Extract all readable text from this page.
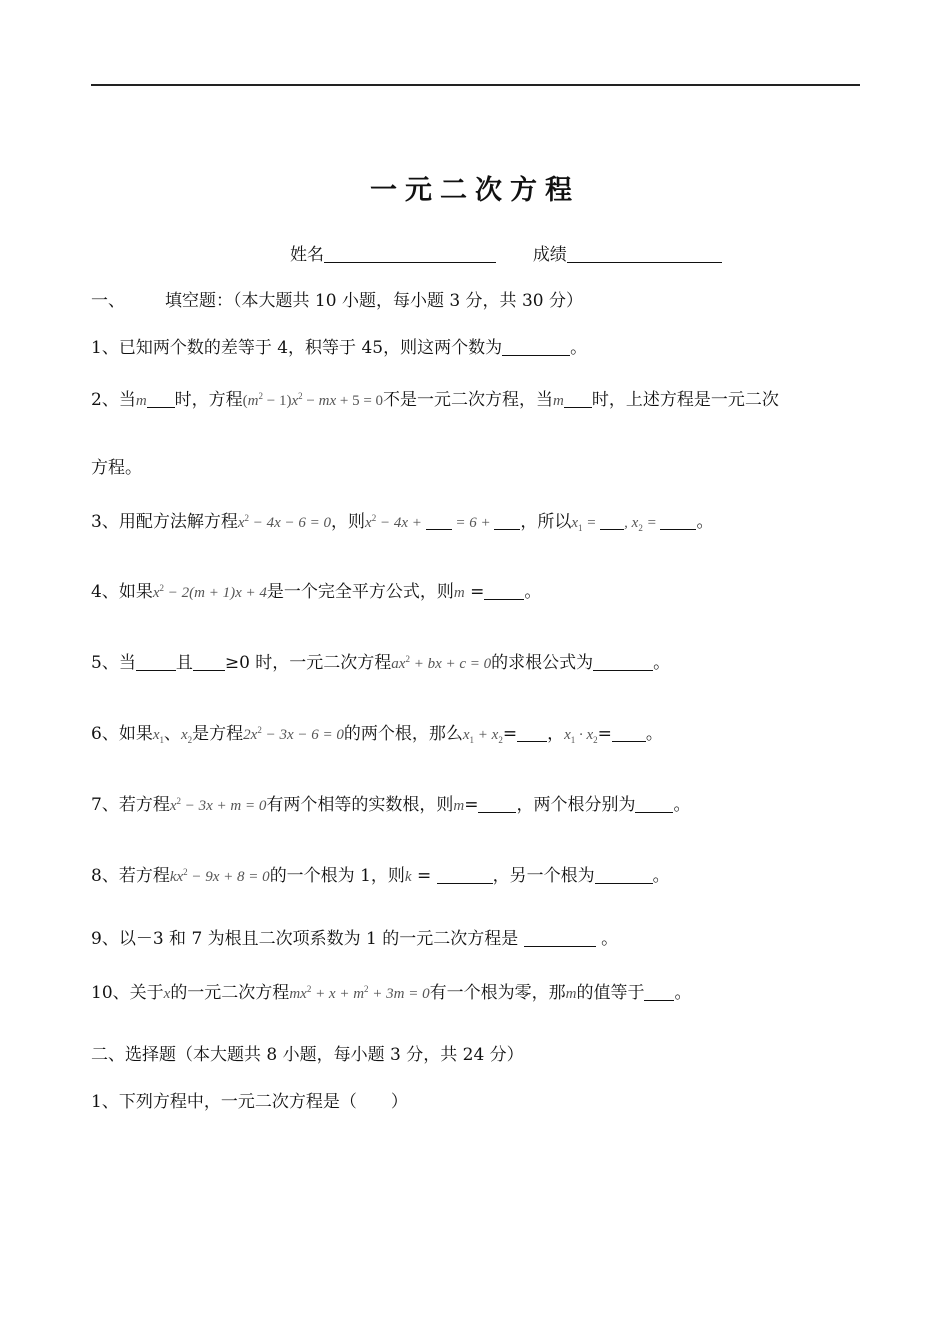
一元二次方程
姓名	成绩
一、 填空题：（本大题共 10 小题，每小题 3 分，共 30 分）
1、已知两个数的差等于 4，积等于 45，则这两个数为	。
2、当m 时，方程$(m^2 - 1)x^2$ − mx + 5 = 0不是一元二次方程，当m 时，上述方程是一元二次
方程。
3、用配方法解方程$x^2 - 4x - 6 = 0$，则$x^2 - 4x$ +  = 6 + ，所以$x_1$ = , $x_2$ = 。
4、如果$x^2 - 2(m + 1)x + 4$是一个完全平方公式，则m = 。
5、当 且 ≥0 时，一元二次方程$ax^2$ + bx + c = 0的求根公式为	。
6、如果$x_1$、$x_2$是方程$2x^2 - 3x - 6 = 0$的两个根，那么$x_1 + x_2=$ ，$x_1 \cdot x_2=$ 。
7、若方程$x^2 - 3x + m = 0$有两个相等的实数根，则m= ，两个根分别为 。
8、若方程$kx^2 - 9x + 8 = 0$的一个根为 1，则k =	，另一个根为	。
9、以－3 和 7 为根且二次项系数为 1 的一元二次方程是	。
10、关于x的一元二次方程$mx^2 + x + m^2 + 3m = 0$有一个根为零，那m的值等于 。
二、选择题（本大题共 8 小题，每小题 3 分，共 24 分）
1、下列方程中，一元二次方程是（　　）
